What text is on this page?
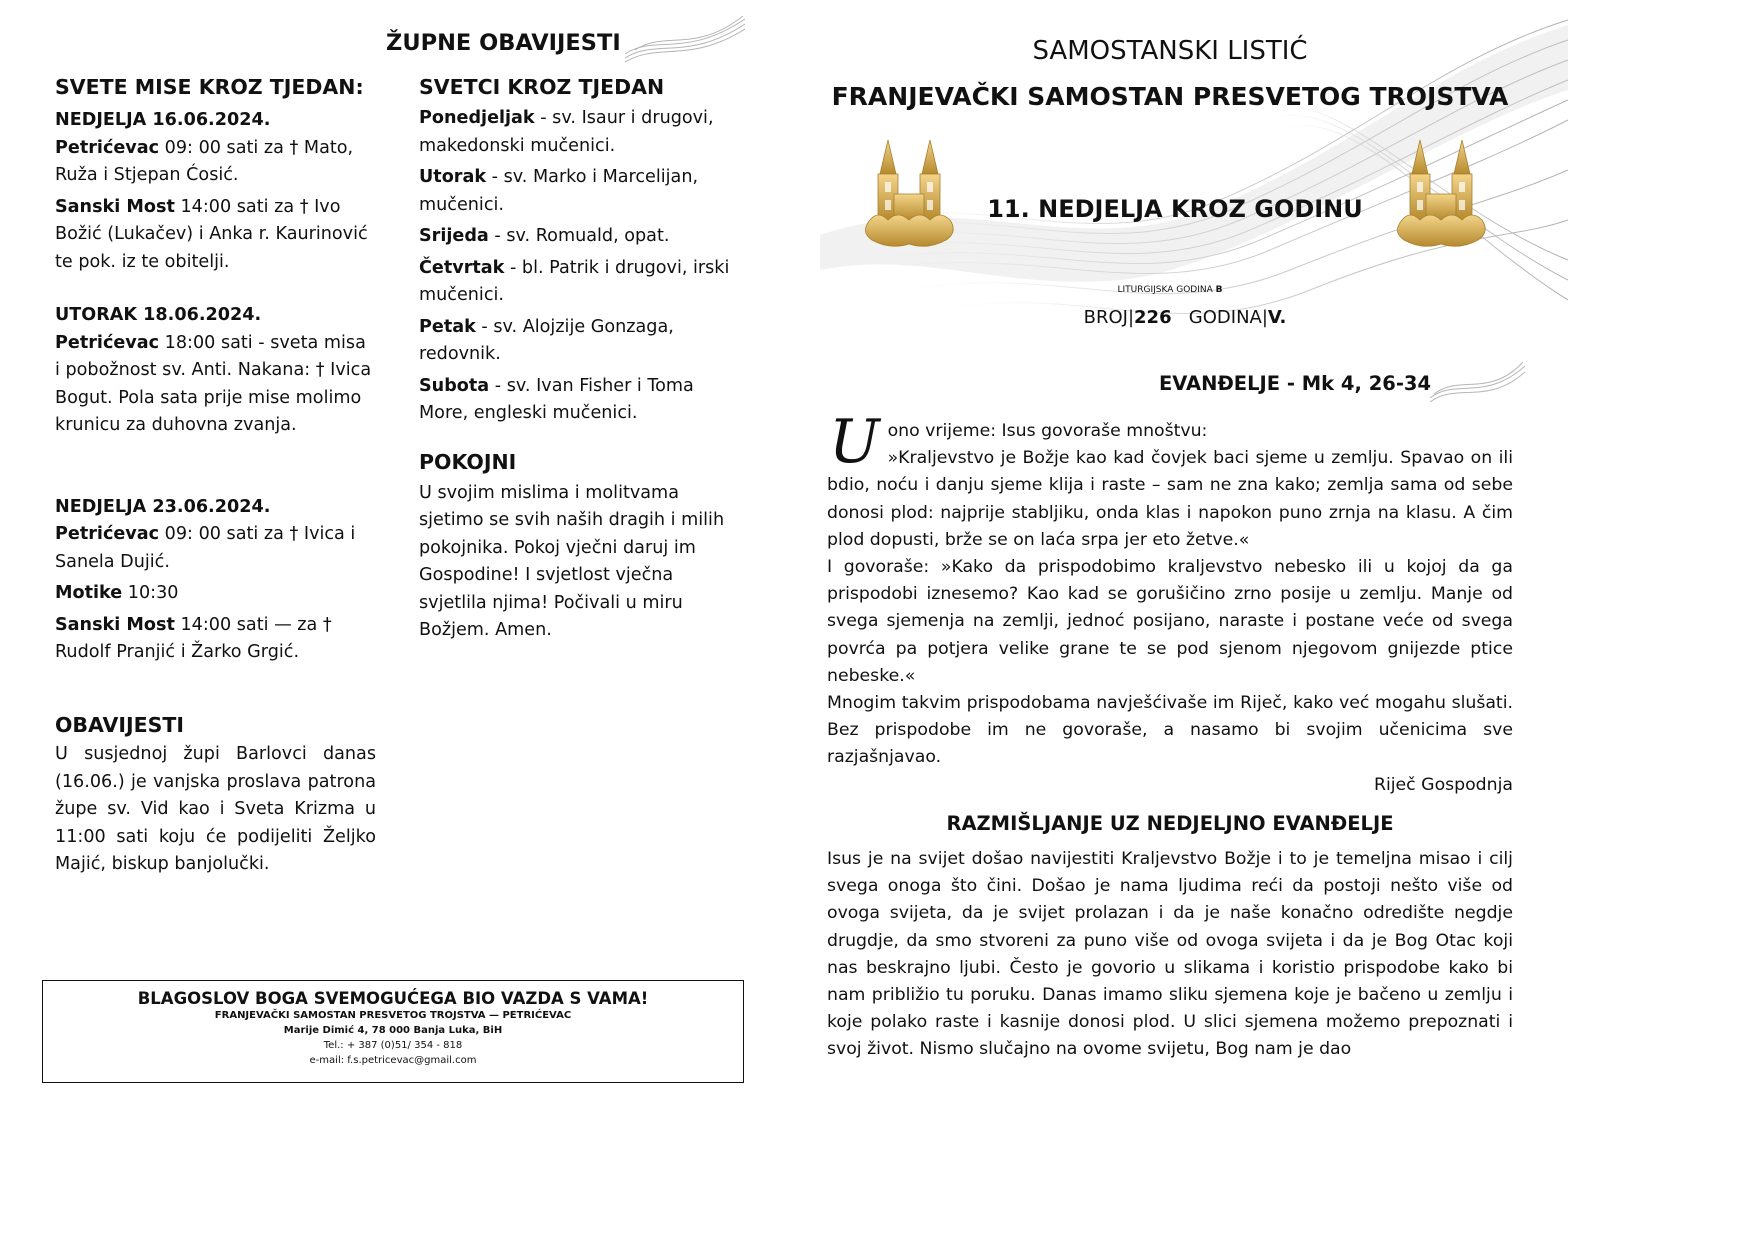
ŽUPNE OBAVIJESTI
SVETE MISE KROZ TJEDAN:
NEDJELJA 16.06.2024.
Petrićevac 09: 00 sati za † Mato, Ruža i Stjepan Ćosić.
Sanski Most 14:00 sati za † Ivo Božić (Lukačev) i Anka r. Kaurinović te pok. iz te obitelji.
UTORAK 18.06.2024.
Petrićevac 18:00 sati - sveta misa i pobožnost sv. Anti. Nakana: † Ivica Bogut. Pola sata prije mise molimo krunicu za duhovna zvanja.
NEDJELJA 23.06.2024.
Petrićevac 09: 00 sati za † Ivica i Sanela Dujić.
Motike 10:30
Sanski Most 14:00 sati — za † Rudolf Pranjić i Žarko Grgić.
OBAVIJESTI
U susjednoj župi Barlovci danas (16.06.) je vanjska proslava patrona župe sv. Vid kao i Sveta Krizma u 11:00 sati koju će podijeliti Željko Majić, biskup banjolučki.
SVETCI KROZ TJEDAN
Ponedjeljak - sv. Isaur i drugovi, makedonski mučenici.
Utorak - sv. Marko i Marcelijan, mučenici.
Srijeda - sv. Romuald, opat.
Četvrtak - bl. Patrik i drugovi, irski mučenici.
Petak - sv. Alojzije Gonzaga, redovnik.
Subota - sv. Ivan Fisher i Toma More, engleski mučenici.
POKOJNI
U svojim mislima i molitvama sjetimo se svih naših dragih i milih pokojnika. Pokoj vječni daruj im Gospodine! I svjetlost vječna svjetlila njima! Počivali u miru Božjem. Amen.
BLAGOSLOV BOGA SVEMOGUĆEGA BIO VAZDA S VAMA!
FRANJEVAČKI SAMOSTAN PRESVETOG TROJSTVA — PETRIĆEVAC
Marije Dimić 4, 78 000 Banja Luka, BiH
Tel.: + 387 (0)51/ 354 - 818
e-mail: f.s.petricevac@gmail.com
SAMOSTANSKI LISTIĆ
FRANJEVAČKI SAMOSTAN PRESVETOG TROJSTVA
11. NEDJELJA KROZ GODINU
LITURGIJSKA GODINA B
BROJ|226 GODINA|V.
EVANĐELJE - Mk 4, 26-34
U ono vrijeme: Isus govoraše mnoštvu:
»Kraljevstvo je Božje kao kad čovjek baci sjeme u zemlju. Spavao on ili bdio, noću i danju sjeme klija i raste – sam ne zna kako; zemlja sama od sebe donosi plod: najprije stabljiku, onda klas i napokon puno zrnja na klasu. A čim plod dopusti, brže se on laća srpa jer eto žetve.«
I govoraše: »Kako da prispodobimo kraljevstvo nebesko ili u kojoj da ga prispodobi iznesemo? Kao kad se gorušičino zrno posije u zemlju. Manje od svega sjemenja na zemlji, jednoć posijano, naraste i postane veće od svega povrća pa potjera velike grane te se pod sjenom njegovom gnijezde ptice nebeske.«
Mnogim takvim prispodobama navješćivaše im Riječ, kako već mogahu slušati. Bez prispodobe im ne govoraše, a nasamo bi svojim učenicima sve razjašnjavao.
Riječ Gospodnja
RAZMIŠLJANJE UZ NEDJELJNO EVANĐELJE
Isus je na svijet došao navijestiti Kraljevstvo Božje i to je temeljna misao i cilj svega onoga što čini. Došao je nama ljudima reći da postoji nešto više od ovoga svijeta, da je svijet prolazan i da je naše konačno odredište negdje drugdje, da smo stvoreni za puno više od ovoga svijeta i da je Bog Otac koji nas beskrajno ljubi. Često je govorio u slikama i koristio prispodobe kako bi nam približio tu poruku. Danas imamo sliku sjemena koje je bačeno u zemlju i koje polako raste i kasnije donosi plod. U slici sjemena možemo prepoznati i svoj život. Nismo slučajno na ovome svijetu, Bog nam je dao
